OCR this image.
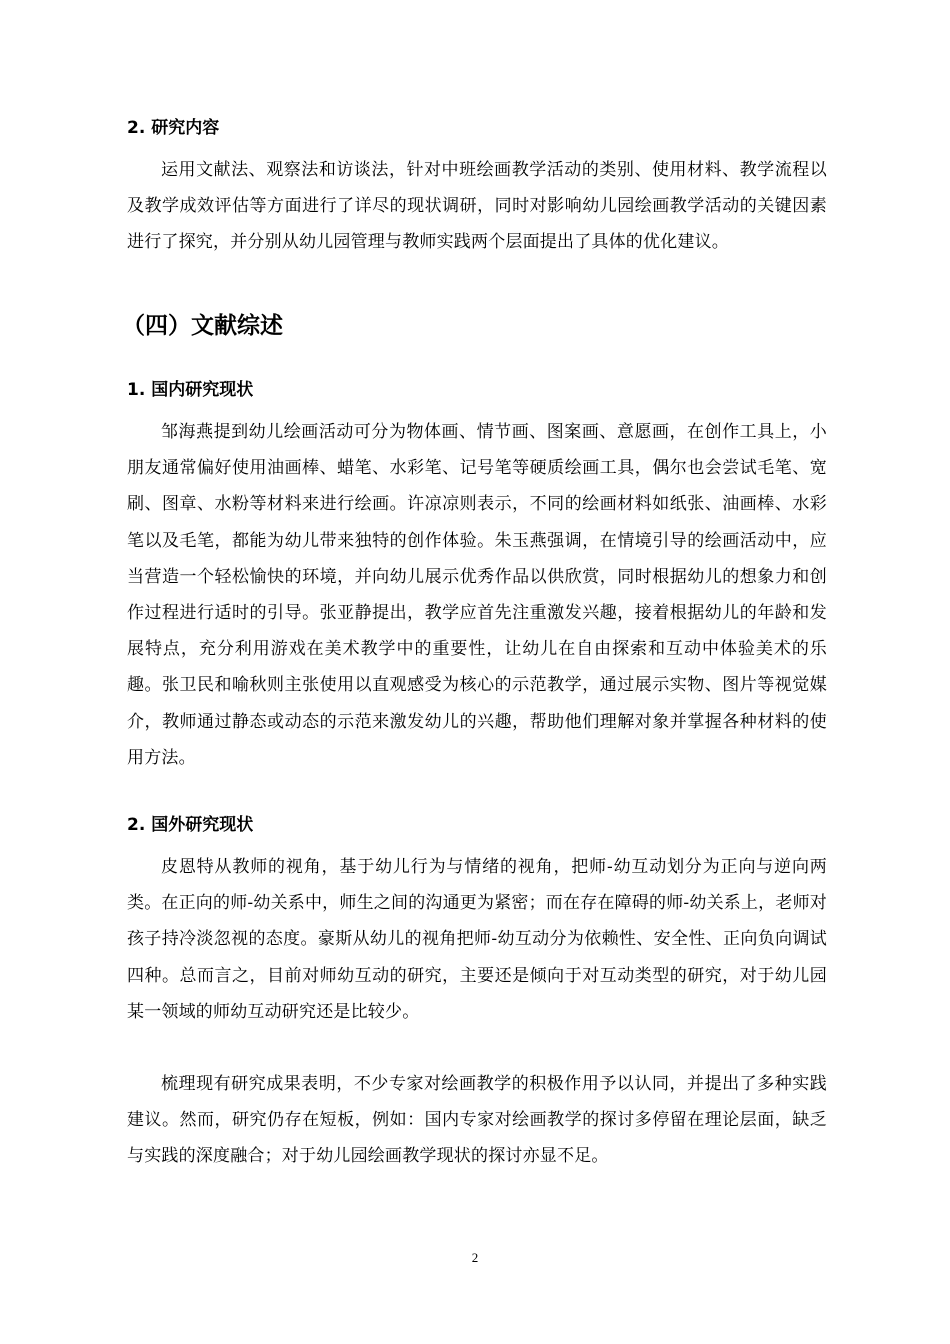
2. 研究内容
运用文献法、观察法和访谈法，针对中班绘画教学活动的类别、使用材料、教学流程以及教学成效评估等方面进行了详尽的现状调研，同时对影响幼儿园绘画教学活动的关键因素进行了探究，并分别从幼儿园管理与教师实践两个层面提出了具体的优化建议。
（四）文献综述
1. 国内研究现状
邹海燕提到幼儿绘画活动可分为物体画、情节画、图案画、意愿画，在创作工具上，小朋友通常偏好使用油画棒、蜡笔、水彩笔、记号笔等硬质绘画工具，偶尔也会尝试毛笔、宽刷、图章、水粉等材料来进行绘画。许凉凉则表示，不同的绘画材料如纸张、油画棒、水彩笔以及毛笔，都能为幼儿带来独特的创作体验。朱玉燕强调，在情境引导的绘画活动中，应当营造一个轻松愉快的环境，并向幼儿展示优秀作品以供欣赏，同时根据幼儿的想象力和创作过程进行适时的引导。张亚静提出，教学应首先注重激发兴趣，接着根据幼儿的年龄和发展特点，充分利用游戏在美术教学中的重要性，让幼儿在自由探索和互动中体验美术的乐趣。张卫民和喻秋则主张使用以直观感受为核心的示范教学，通过展示实物、图片等视觉媒介，教师通过静态或动态的示范来激发幼儿的兴趣，帮助他们理解对象并掌握各种材料的使用方法。
2. 国外研究现状
皮恩特从教师的视角，基于幼儿行为与情绪的视角，把师-幼互动划分为正向与逆向两类。在正向的师-幼关系中，师生之间的沟通更为紧密；而在存在障碍的师-幼关系上，老师对孩子持冷淡忽视的态度。豪斯从幼儿的视角把师-幼互动分为依赖性、安全性、正向负向调试四种。总而言之，目前对师幼互动的研究，主要还是倾向于对互动类型的研究，对于幼儿园某一领域的师幼互动研究还是比较少。
梳理现有研究成果表明，不少专家对绘画教学的积极作用予以认同，并提出了多种实践建议。然而，研究仍存在短板，例如：国内专家对绘画教学的探讨多停留在理论层面，缺乏与实践的深度融合；对于幼儿园绘画教学现状的探讨亦显不足。
2
